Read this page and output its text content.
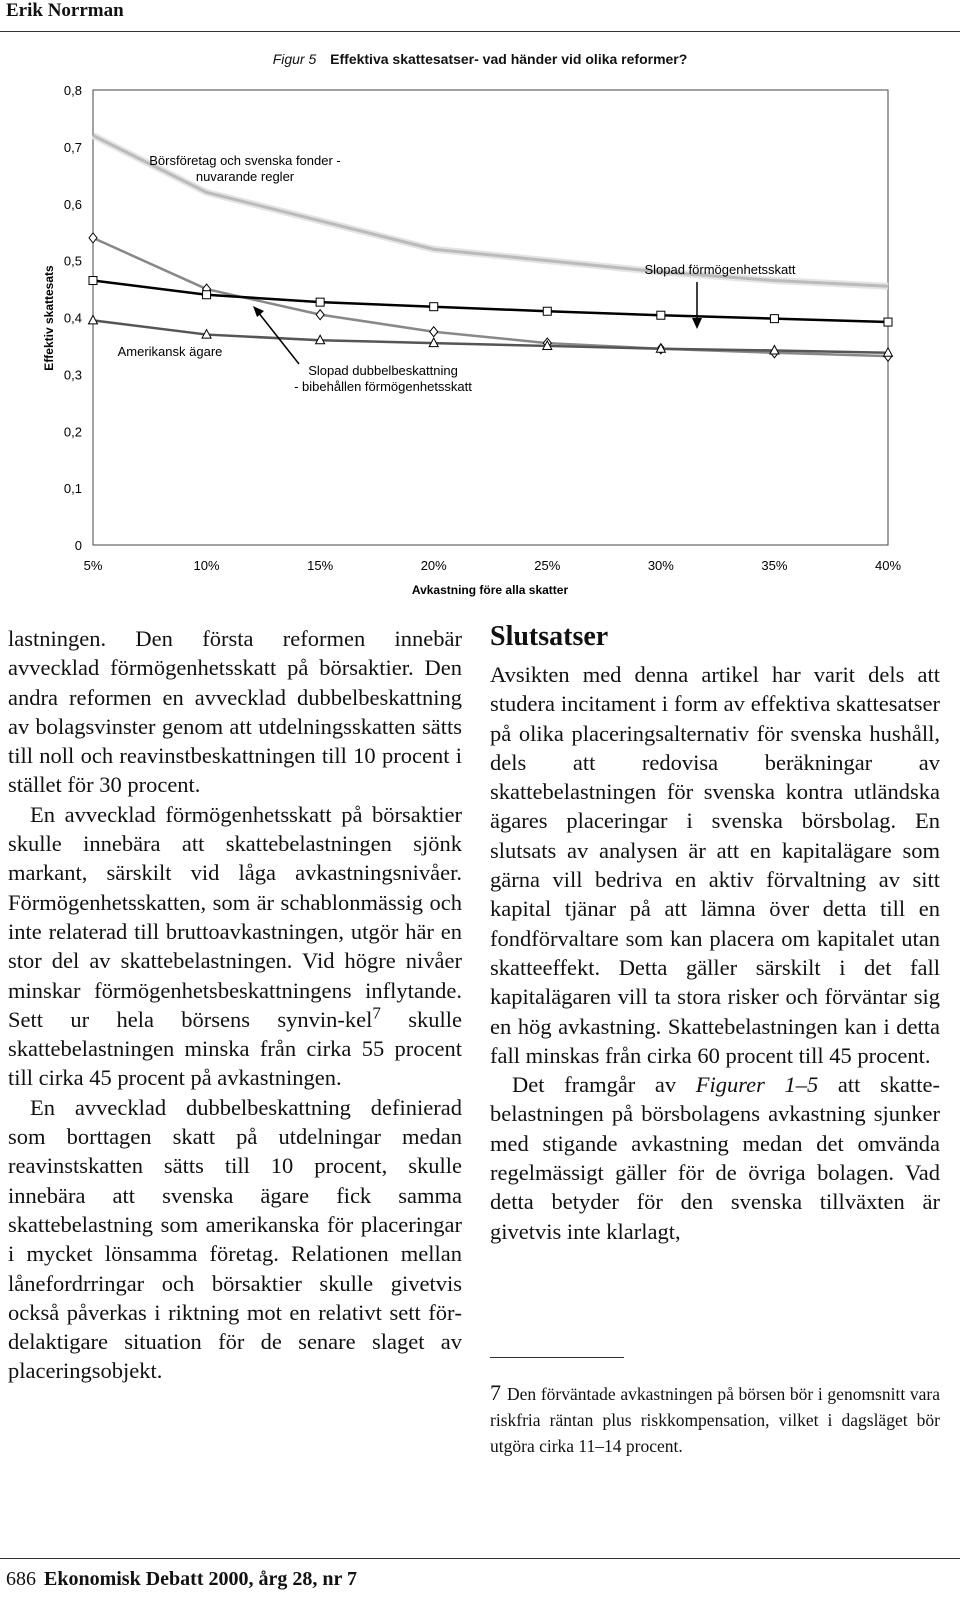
Erik Norrman
Figur 5 Effektiva skattesatser- vad händer vid olika reformer?
0
0,1
0,2
0,3
0,4
0,5
0,6
0,7
0,8
5%	10%	15%	20%	25%	30%	35%	40%
Avkastning före alla skatter
Effektiv skattesats
Börsföretag och svenska fonder -
nuvarande regler
Slopad förmögenhetsskatt
Amerikansk ägare
Slopad dubbelbeskattning
- bibehållen förmögenhetsskatt

lastningen. Den första reformen innebär avvecklad förmögenhetsskatt på börsaktier. Den andra reformen en avvecklad dubbelbeskattning av bolagsvinster genom att utdelningsskatten sätts till noll och reavinstbeskattningen till 10 procent i stället för 30 procent.

En avvecklad förmögenhetsskatt på börsaktier skulle innebära att skattebelastningen sjönk markant, särskilt vid låga avkastningsnivåer. Förmögenhetsskatten, som är schablonmässig och inte relaterad till bruttoavkastningen, utgör här en stor del av skattebelastningen. Vid högre nivåer minskar förmögenhetsbeskattningens inflytande. Sett ur hela börsens synvin-kel$^7$ skulle skattebelastningen minska från cirka 55 procent till cirka 45 procent på avkastningen.

En avvecklad dubbelbeskattning definierad som borttagen skatt på utdelningar medan reavinstskatten sätts till 10 procent, skulle innebära att svenska ägare fick samma skattebelastning som amerikanska för placeringar i mycket lönsamma företag. Relationen mellan lånefordrringar och börsaktier skulle givetvis också påverkas i riktning mot en relativt sett fördelaktigare situation för de senare slaget av placeringsobjekt.

Slutsatser

Avsikten med denna artikel har varit dels att studera incitament i form av effektiva skattesatser på olika placeringsalternativ för svenska hushåll, dels att redovisa beräkningar av skattebelastningen för svenska kontra utländska ägares placeringar i svenska börsbolag. En slutsats av analysen är att en kapitalägare som gärna vill bedriva en aktiv förvaltning av sitt kapital tjänar på att lämna över detta till en fondförvaltare som kan placera om kapitalet utan skatteeffekt. Detta gäller särskilt i det fall kapitalägaren vill ta stora risker och förväntar sig en hög avkastning. Skattebelastningen kan i detta fall minskas från cirka 60 procent till 45 procent.

Det framgår av Figurer 1–5 att skattebelastningen på börsbolagens avkastning sjunker med stigande avkastning medan det omvända regelmässigt gäller för de övriga bolagen. Vad detta betyder för den svenska tillväxten är givetvis inte klarlagt,

7 Den förväntade avkastningen på börsen bör i genomsnitt vara riskfria räntan plus riskkompensation, vilket i dagsläget bör utgöra cirka 11–14 procent.
686 Ekonomisk Debatt 2000, årg 28, nr 7
